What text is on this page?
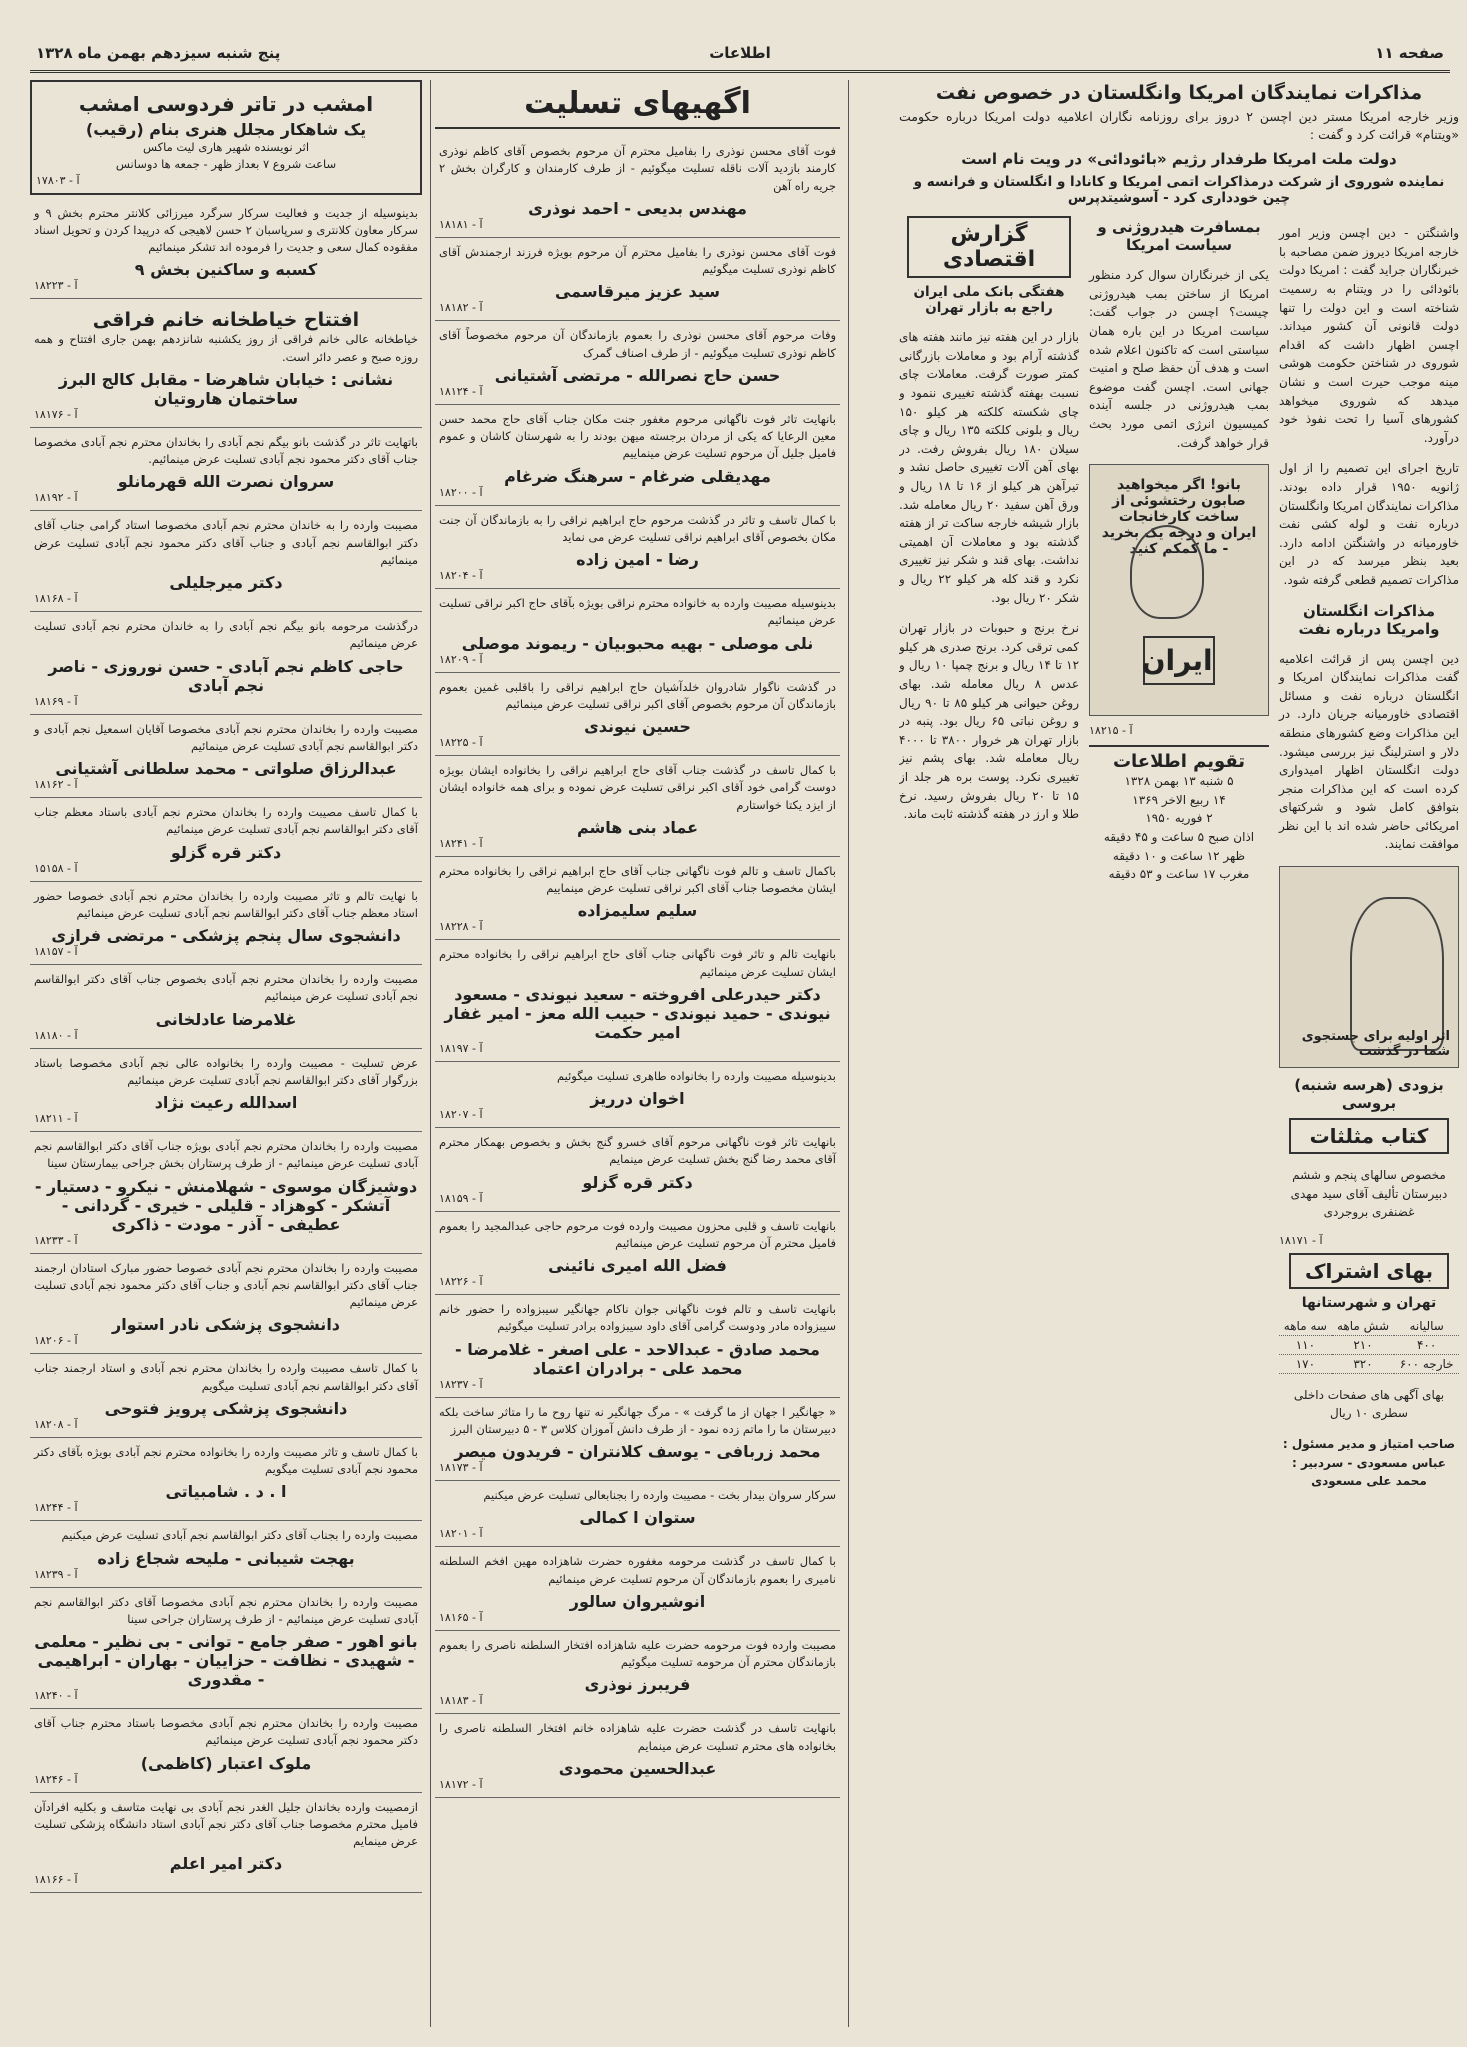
صفحه ۱۱
اطلاعات
پنج شنبه سیزدهم بهمن ماه ۱۳۲۸
مذاکرات نمایندگان امریکا وانگلستان در خصوص نفت

وزیر خارجه امریکا مستر دین اچسن ۲ دروز برای روزنامه نگاران اعلامیه دولت امریکا درباره حکومت «ویتنام» قرائت کرد و گفت :

دولت ملت امریکا طرفدار رژیم «بائودائی» در ویت نام است
نماینده شوروی از شرکت درمذاکرات اتمی امریکا و کانادا و انگلستان و فرانسه و چین خودداری کرد - آسوشیتدپرس

واشنگتن - دین اچسن وزیر امور خارجه امریکا دیروز ضمن مصاحبه با خبرنگاران جراید گفت : امریکا دولت بائودائی را در ویتنام به رسمیت شناخته است و این دولت را تنها دولت قانونی آن کشور میداند. اچسن اظهار داشت که اقدام شوروی در شناختن حکومت هوشی مینه موجب حیرت است و نشان میدهد که شوروی میخواهد کشورهای آسیا را تحت نفوذ خود درآورد.

تاریخ اجرای این تصمیم را از اول ژانویه ۱۹۵۰ قرار داده بودند. مذاکرات نمایندگان امریکا وانگلستان درباره نفت و لوله کشی نفت خاورمیانه در واشنگتن ادامه دارد. بعید بنظر میرسد که در این مذاکرات تصمیم قطعی گرفته شود.

مذاکرات انگلستان وامریکا درباره نفت

دین اچسن پس از قرائت اعلامیه گفت مذاکرات نمایندگان امریکا و انگلستان درباره نفت و مسائل اقتصادی خاورمیانه جریان دارد. در این مذاکرات وضع کشورهای منطقه دلار و استرلینگ نیز بررسی میشود. دولت انگلستان اظهار امیدواری کرده است که این مذاکرات منجر بتوافق کامل شود و شرکتهای امریکائی حاضر شده اند با این نظر موافقت نمایند.

اثر اولیه برای جستجوی شما در گذشت
بزودی (هرسه شنبه) بروسی
کتاب مثلثات

مخصوص سالهای پنجم و ششم دبیرستان تألیف آقای سید مهدی غضنفری بروجردی

آ - ۱۸۱۷۱
بهای اشتراک
تهران و شهرستانها
سالیانه	شش ماهه	سه ماهه
۴۰۰	۲۱۰	۱۱۰
خارجه ۶۰۰	۳۲۰	۱۷۰

بهای آگهی های صفحات داخلی سطری ۱۰ ریال

صاحب امتیاز و مدیر مسئول : عباس مسعودی - سردبیر : محمد علی مسعودی

بمسافرت هیدروژنی و سیاست امریکا

یکی از خبرنگاران سوال کرد منظور امریکا از ساختن بمب هیدروژنی چیست؟ اچسن در جواب گفت: سیاست امریکا در این باره همان سیاستی است که تاکنون اعلام شده است و هدف آن حفظ صلح و امنیت جهانی است. اچسن گفت موضوع بمب هیدروژنی در جلسه آینده کمیسیون انرژی اتمی مورد بحث قرار خواهد گرفت.

بانو! اگر میخواهید صابون رختشوئی از ساخت کارخانجات ایران و درجه یک بخرید - ما کمکم کنید
ایران
آ - ۱۸۲۱۵
تقویم اطلاعات
۵ شنبه ۱۳ بهمن ۱۳۲۸
۱۴ ربیع الاخر ۱۳۶۹
۲ فوریه ۱۹۵۰
اذان صبح ۵ ساعت و ۴۵ دقیقه
ظهر ۱۲ ساعت و ۱۰ دقیقه
مغرب ۱۷ ساعت و ۵۳ دقیقه
گزارش اقتصادی
هفتگی بانک ملی ایران راجع به بازار تهران

بازار در این هفته نیز مانند هفته های گذشته آرام بود و معاملات بازرگانی کمتر صورت گرفت. معاملات چای نسبت بهفته گذشته تغییری ننمود و چای شکسته کلکته هر کیلو ۱۵۰ ریال و بلونی کلکته ۱۳۵ ریال و چای سیلان ۱۸۰ ریال بفروش رفت. در بهای آهن آلات تغییری حاصل نشد و تیرآهن هر کیلو از ۱۶ تا ۱۸ ریال و ورق آهن سفید ۲۰ ریال معامله شد. بازار شیشه خارجه ساکت تر از هفته گذشته بود و معاملات آن اهمیتی نداشت. بهای قند و شکر نیز تغییری نکرد و قند کله هر کیلو ۲۲ ریال و شکر ۲۰ ریال بود.

نرخ برنج و حبوبات در بازار تهران کمی ترقی کرد. برنج صدری هر کیلو ۱۲ تا ۱۴ ریال و برنج چمپا ۱۰ ریال و عدس ۸ ریال معامله شد. بهای روغن حیوانی هر کیلو ۸۵ تا ۹۰ ریال و روغن نباتی ۶۵ ریال بود. پنبه در بازار تهران هر خروار ۳۸۰۰ تا ۴۰۰۰ ریال معامله شد. بهای پشم نیز تغییری نکرد. پوست بره هر جلد از ۱۵ تا ۲۰ ریال بفروش رسید. نرخ طلا و ارز در هفته گذشته ثابت ماند.

اگهیهای تسلیت
فوت آقای محسن نوذری را بفامیل محترم آن مرحوم بخصوص آقای کاظم نوذری کارمند بازدید آلات ناقله تسلیت میگوئیم - از طرف کارمندان و کارگران بخش ۲ جریه راه آهن
مهندس بدیعی - احمد نوذری
آ - ۱۸۱۸۱
فوت آقای محسن نوذری را بفامیل محترم آن مرحوم بویژه فرزند ارجمندش آقای کاظم نوذری تسلیت میگوئیم
سید عزیز میرقاسمی
آ - ۱۸۱۸۲
وفات مرحوم آقای محسن نوذری را بعموم بازماندگان آن مرحوم مخصوصاً آقای کاظم نوذری تسلیت میگوئیم - از طرف اصناف گمرک
حسن حاج نصرالله - مرتضی آشتیانی
آ - ۱۸۱۲۴
بانهایت تاثر فوت ناگهانی مرحوم مغفور جنت مکان جناب آقای حاج محمد حسن معین الرعایا که یکی از مردان برجسته میهن بودند را به شهرستان کاشان و عموم فامیل جلیل آن مرحوم تسلیت عرض مینماییم
مهدیقلی ضرغام - سرهنگ ضرغام
آ - ۱۸۲۰۰
با کمال تاسف و تاثر در گذشت مرحوم حاج ابراهیم نراقی را به بازماندگان آن جنت مکان بخصوص آقای ابراهیم نراقی تسلیت عرض می نماید
رضا - امین زاده
آ - ۱۸۲۰۴
بدینوسیله مصیبت وارده به خانواده محترم نراقی بویژه بآقای حاج اکبر نراقی تسلیت عرض مینمائیم
نلی موصلی - بهیه محبوبیان - ریموند موصلی
آ - ۱۸۲۰۹
در گذشت ناگوار شادروان خلدآشیان حاج ابراهیم نراقی را باقلبی غمین بعموم بازماندگان آن مرحوم بخصوص آقای اکبر نراقی تسلیت عرض مینمائیم
حسین نیوندی
آ - ۱۸۲۲۵
با کمال تاسف در گذشت جناب آقای حاج ابراهیم نراقی را بخانواده ایشان بویژه دوست گرامی خود آقای اکبر نراقی تسلیت عرض نموده و برای همه خانواده ایشان از ایزد یکتا خواستارم
عماد بنی هاشم
آ - ۱۸۲۴۱
باکمال تاسف و تالم فوت ناگهانی جناب آقای حاج ابراهیم نراقی را بخانواده محترم ایشان مخصوصا جناب آقای اکبر نراقی تسلیت عرض مینماییم
سلیم سلیمزاده
آ - ۱۸۲۲۸
بانهایت تالم و تاثر فوت ناگهانی جناب آقای حاج ابراهیم نراقی را بخانواده محترم ایشان تسلیت عرض مینمائیم
دکتر حیدرعلی افروخته - سعید نیوندی - مسعود نیوندی - حمید نیوندی - حبیب الله معز - امیر غفار امیر حکمت
آ - ۱۸۱۹۷
بدینوسیله مصیبت وارده را بخانواده طاهری تسلیت میگوئیم
اخوان درریز
آ - ۱۸۲۰۷
بانهایت تاثر فوت ناگهانی مرحوم آقای خسرو گنج بخش و بخصوص بهمکار محترم آقای محمد رضا گنج بخش تسلیت عرض مینمایم
دکتر قره گزلو
آ - ۱۸۱۵۹
بانهایت تاسف و قلبی محزون مصیبت وارده فوت مرحوم حاجی عبدالمجید را بعموم فامیل محترم آن مرحوم تسلیت عرض مینمائیم
فضل الله امیری نائینی
آ - ۱۸۲۲۶
بانهایت تاسف و تالم فوت ناگهانی جوان ناکام جهانگیر سیبزواده را حضور خانم سیبزواده مادر ودوست گرامی آقای داود سیبزواده برادر تسلیت میگوئیم
محمد صادق - عبدالاحد - علی اصغر - غلامرضا - محمد علی - برادران اعتماد
آ - ۱۸۲۳۷
« جهانگیر ا جهان از ما گرفت » - مرگ جهانگیر نه تنها روح ما را متاثر ساخت بلکه دبیرستان ما را ماتم زده نمود - از طرف دانش آموزان کلاس ۳ - ۵ دبیرستان البرز
محمد زربافی - یوسف کلانتران - فریدون میصر
آ - ۱۸۱۷۳
سرکار سروان بیدار بخت - مصیبت وارده را بجنابعالی تسلیت عرض میکنیم
ستوان ا کمالی
آ - ۱۸۲۰۱
با کمال تاسف در گذشت مرحومه مغفوره حضرت شاهزاده مهین افخم السلطنه نامیری را بعموم بازماندگان آن مرحوم تسلیت عرض مینمائیم
انوشیروان سالور
آ - ۱۸۱۶۵
مصیبت وارده فوت مرحومه حضرت علیه شاهزاده افتخار السلطنه ناصری را بعموم بازماندگان محترم آن مرحومه تسلیت میگوئیم
فریبرز نوذری
آ - ۱۸۱۸۳
بانهایت تاسف در گذشت حضرت علیه شاهزاده خانم افتخار السلطنه ناصری را بخانواده های محترم تسلیت عرض مینمایم
عبدالحسین محمودی
آ - ۱۸۱۷۲
امشب در تاتر فردوسی امشب
یک شاهکار مجلل هنری بنام (رقیب)
اثر نویسنده شهیر هاری لیت ماکس
ساعت شروع ۷ بعداز ظهر - جمعه ها دوسانس
آ - ۱۷۸۰۳
بدینوسیله از جدیت و فعالیت سرکار سرگرد میرزائی کلانتر محترم بخش ۹ و سرکار معاون کلانتری و سرپاسبان ۲ حسن لاهیجی که درپیدا کردن و تحویل اسناد مفقوده کمال سعی و جدیت را فرموده اند تشکر مینمائیم
کسبه و ساکنین بخش ۹
آ - ۱۸۲۲۳
افتتاح خیاطخانه خانم فراقی
خیاطخانه عالی خانم فراقی از روز یکشنبه شانزدهم بهمن جاری افتتاح و همه روزه صبح و عصر دائر است.
نشانی : خیابان شاهرضا - مقابل کالج البرز ساختمان هاروتیان
آ - ۱۸۱۷۶
باتهایت تاثر در گذشت بانو بیگم نجم آبادی را بخاندان محترم نجم آبادی مخصوصا جناب آقای دکتر محمود نجم آبادی تسلیت عرض مینمائیم.
سروان نصرت الله قهرمانلو
آ - ۱۸۱۹۲
مصیبت وارده را به خاندان محترم نجم آبادی مخصوصا استاد گرامی جناب آقای دکتر ابوالقاسم نجم آبادی و جناب آقای دکتر محمود نجم آبادی تسلیت عرض مینمائیم
دکتر میرجلیلی
آ - ۱۸۱۶۸
درگذشت مرحومه بانو بیگم نجم آبادی را به خاندان محترم نجم آبادی تسلیت عرض مینمائیم
حاجی کاظم نجم آبادی - حسن نوروزی - ناصر نجم آبادی
آ - ۱۸۱۶۹
مصیبت وارده را بخاندان محترم نجم آبادی مخصوصا آقایان اسمعیل نجم آبادی و دکتر ابوالقاسم نجم آبادی تسلیت عرض مینمائیم
عبدالرزاق صلواتی - محمد سلطانی آشتیانی
آ - ۱۸۱۶۲
با کمال تاسف مصیبت وارده را بخاندان محترم نجم آبادی باستاد معظم جناب آقای دکتر ابوالقاسم نجم آبادی تسلیت عرض مینمائیم
دکتر قره گزلو
آ - ۱۵۱۵۸
با نهایت تالم و تاثر مصیبت وارده را بخاندان محترم نجم آبادی خصوصا حضور استاد معظم جناب آقای دکتر ابوالقاسم نجم آبادی تسلیت عرض مینمائیم
دانشجوی سال پنجم پزشکی - مرتضی فرازی
آ - ۱۸۱۵۷
مصیبت وارده را بخاندان محترم نجم آبادی بخصوص جناب آقای دکتر ابوالقاسم نجم آبادی تسلیت عرض مینمائیم
غلامرضا عادلخانی
آ - ۱۸۱۸۰
عرض تسلیت - مصیبت وارده را بخانواده عالی نجم آبادی مخصوصا باستاد بزرگوار آقای دکتر ابوالقاسم نجم آبادی تسلیت عرض مینمائیم
اسدالله رعیت نژاد
آ - ۱۸۲۱۱
مصیبت وارده را بخاندان محترم نجم آبادی بویژه جناب آقای دکتر ابوالقاسم نجم آبادی تسلیت عرض مینمائیم - از طرف پرستاران بخش جراحی بیمارستان سینا
دوشیزگان موسوی - شهلامنش - نیکرو - دستیار - آتشکر - کوهزاد - قلیلی - خیری - گردانی - عطیفی - آذر - مودت - ذاکری
آ - ۱۸۲۳۳
مصیبت وارده را بخاندان محترم نجم آبادی خصوصا حضور مبارک استادان ارجمند جناب آقای دکتر ابوالقاسم نجم آبادی و جناب آقای دکتر محمود نجم آبادی تسلیت عرض مینمائیم
دانشجوی پزشکی نادر استوار
آ - ۱۸۲۰۶
با کمال تاسف مصیبت وارده را بخاندان محترم نجم آبادی و استاد ارجمند جناب آقای دکتر ابوالقاسم نجم آبادی تسلیت میگویم
دانشجوی پزشکی پرویز فتوحی
آ - ۱۸۲۰۸
با کمال تاسف و تاثر مصیبت وارده را بخانواده محترم نجم آبادی بویژه بآقای دکتر محمود نجم آبادی تسلیت میگویم
ا . د . شامبیاتی
آ - ۱۸۲۴۴
مصیبت وارده را بجناب آقای دکتر ابوالقاسم نجم آبادی تسلیت عرض میکنیم
بهجت شیبانی - ملیحه شجاع زاده
آ - ۱۸۲۳۹
مصیبت وارده را بخاندان محترم نجم آبادی مخصوصا آقای دکتر ابوالقاسم نجم آبادی تسلیت عرض مینمائیم - از طرف پرستاران جراحی سینا
بانو اهور - صفر جامع - توانی - بی نظیر - معلمی - شهیدی - نظافت - حزاییان - بهاران - ابراهیمی - مقدوری
آ - ۱۸۲۴۰
مصیبت وارده را بخاندان محترم نجم آبادی مخصوصا باستاد محترم جناب آقای دکتر محمود نجم آبادی تسلیت عرض مینمائیم
ملوک اعتبار (کاظمی)
آ - ۱۸۲۴۶
ازمصیبت وارده بخاندان جلیل الغدر نجم آبادی بی نهایت متاسف و بکلیه افرادآن فامیل محترم مخصوصا جناب آقای دکتر نجم آبادی استاد دانشگاه پزشکی تسلیت عرض مینمایم
دکتر امیر اعلم
آ - ۱۸۱۶۶
